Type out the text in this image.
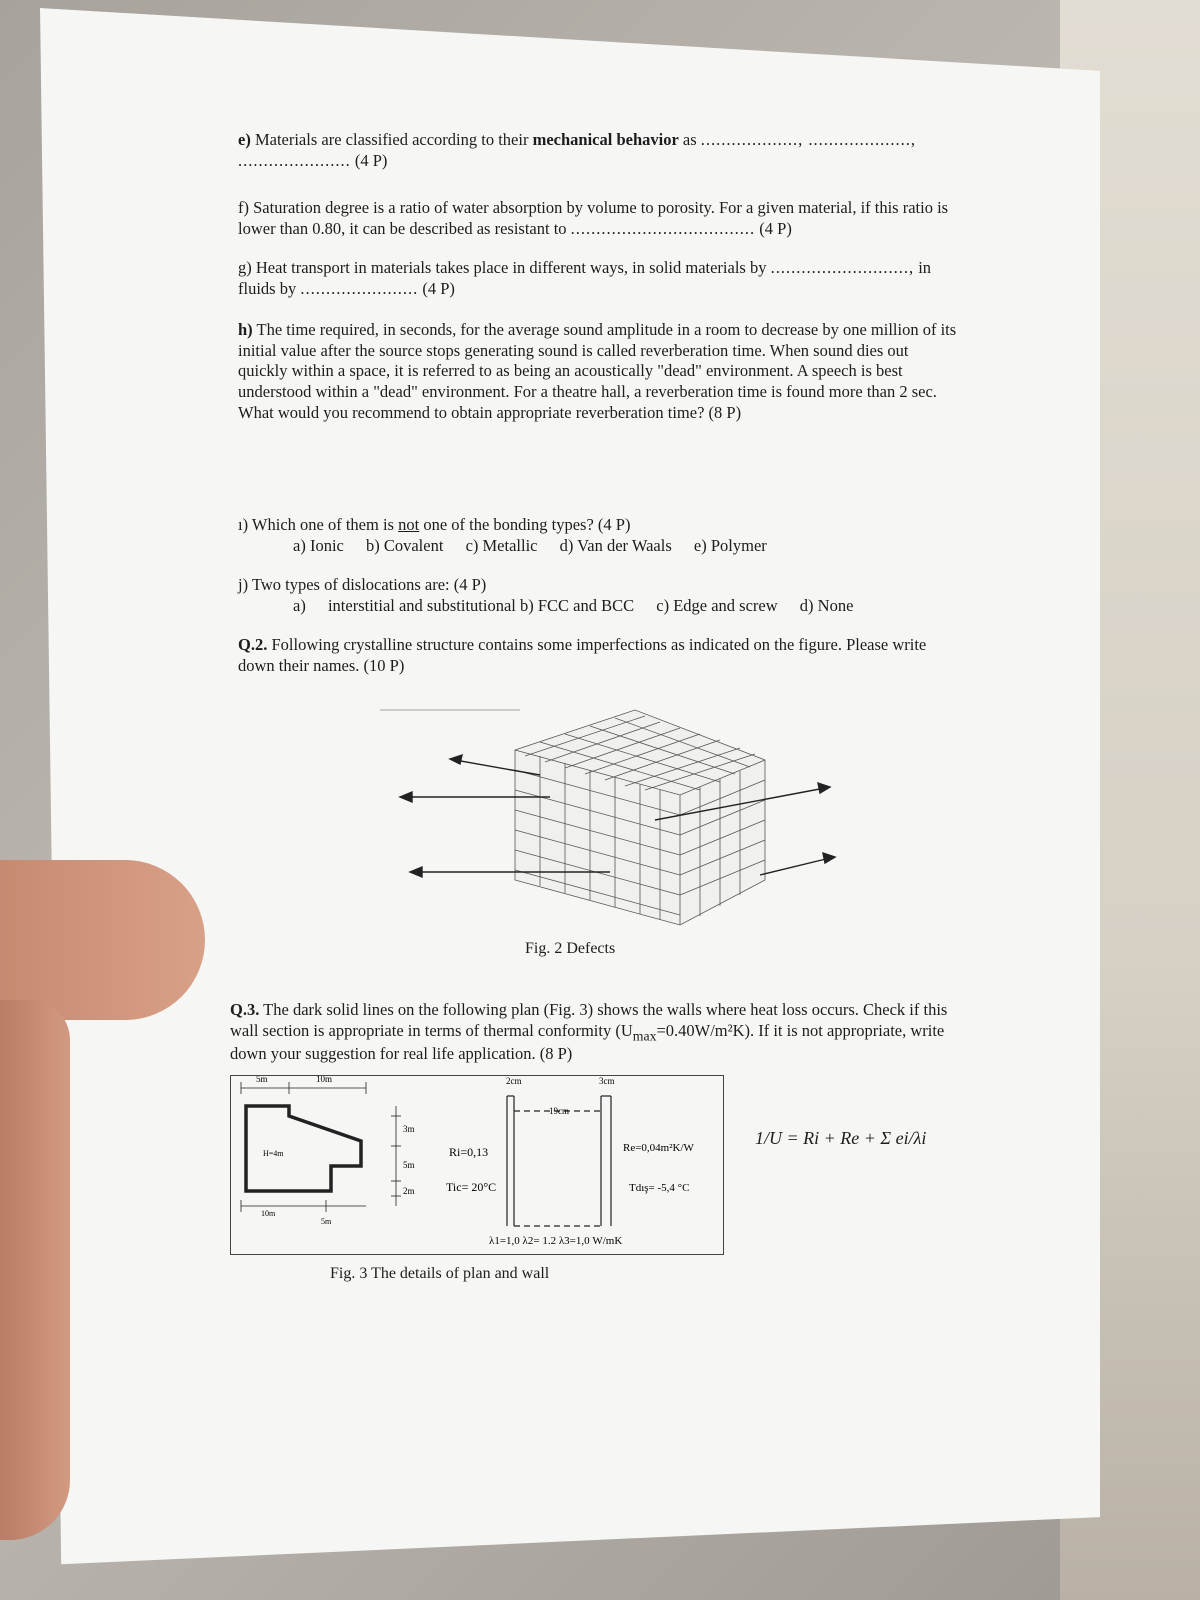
e) Materials are classified according to their mechanical behavior as ..................., ....................,
...................... (4 P)
f) Saturation degree is a ratio of water absorption by volume to porosity. For a given material, if this ratio is lower than 0.80, it can be described as resistant to .................................... (4 P)
g) Heat transport in materials takes place in different ways, in solid materials by ..........................., in fluids by ....................... (4 P)
h) The time required, in seconds, for the average sound amplitude in a room to decrease by one million of its initial value after the source stops generating sound is called reverberation time. When sound dies out quickly within a space, it is referred to as being an acoustically "dead" environment. A speech is best understood within a "dead" environment. For a theatre hall, a reverberation time is found more than 2 sec. What would you recommend to obtain appropriate reverberation time? (8 P)
ı) Which one of them is not one of the bonding types? (4 P)
a) Ionic b) Covalent c) Metallic d) Van der Waals e) Polymer
j) Two types of dislocations are: (4 P)
a) interstitial and substitutional b) FCC and BCC c) Edge and screw d) None
Q.2. Following crystalline structure contains some imperfections as indicated on the figure. Please write down their names. (10 P)
Q.3. The dark solid lines on the following plan (Fig. 3) shows the walls where heat loss occurs. Check if this wall section is appropriate in terms of thermal conformity $(U_{max}=0.40W/m^2K)$. If it is not appropriate, write down your suggestion for real life application. (8 P)
Fig. 2 Defects
5m	10m
H=4m
10m
5m
3m
5m
2m
2cm
19cm
3cm
Ri=0,13
Tic= 20°C
Re=0,04m²K/W
Tdış= -5,4 °C
λ1=1,0 λ2= 1.2 λ3=1,0 W/mK
1/U = Ri + Re + Σ ei/λi
Fig. 3 The details of plan and wall
